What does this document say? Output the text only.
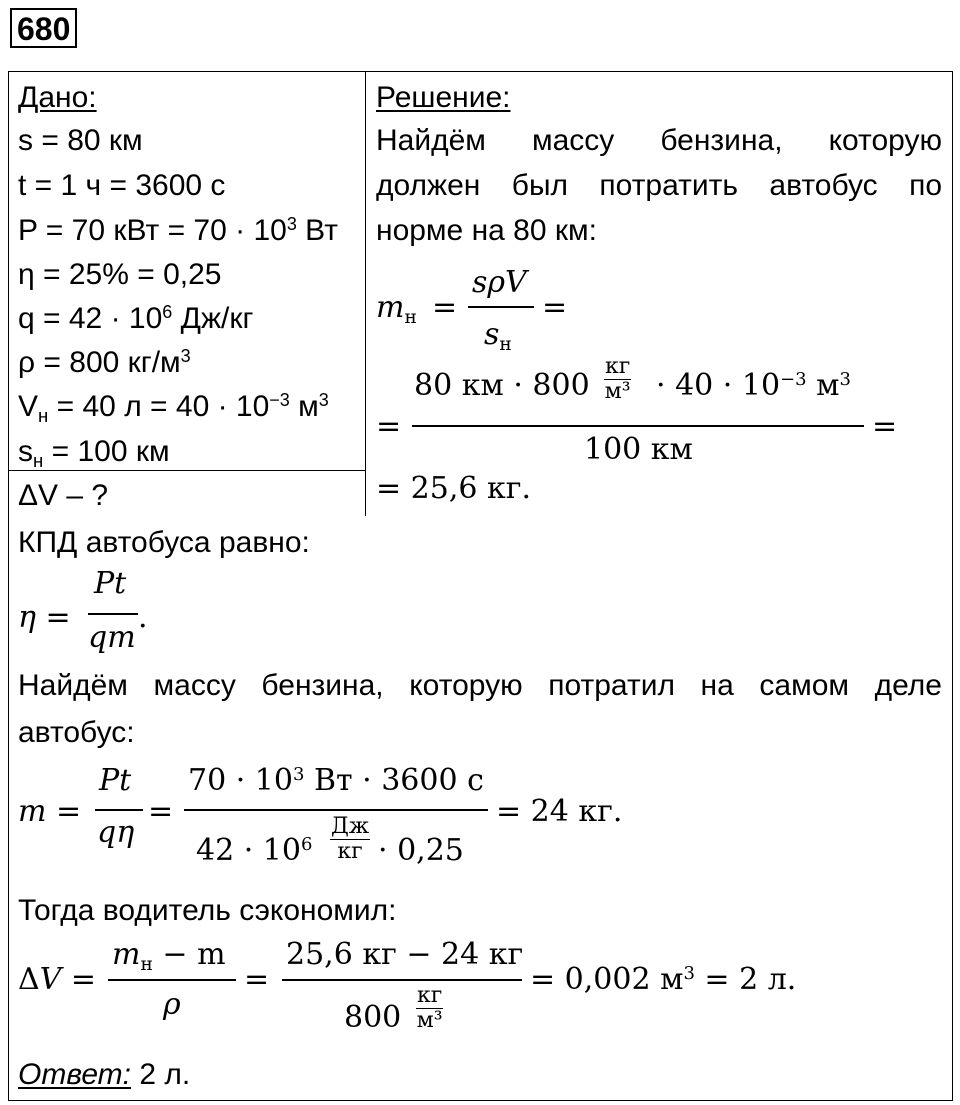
680
Дано:
s = 80 км
t = 1 ч = 3600 с
P = 70 кВт = $70 \cdot 10^3$ Вт
η = 25% = 0,25
$q = 42 \cdot 10^6$ Дж/кг
ρ = 800 $кг/м^3$
$V_н = 40$ $л = 40 \cdot 10^{-3}$ $м^3$
$s_н = 100$ км
ΔV – ?
Решение:
Найдём массу бензина, которую
должен был потратить автобус по
норме на 80 км:
$m_н$ =
sρV
$s_н$
=
=
80 км · 800
кг
$м^3 \cdot 40 \cdot 10^{-3}$ $м^3$
100 км
=
= 25,6 кг.
КПД автобуса равно:
η =
Pt
qm
.
Найдём массу бензина, которую потратил на самом деле
автобус:
m =
Pt
qη
=
$70 \cdot 10^3$ Вт · 3600 с
$42 \cdot 10^6$
Дж
кг · 0,25
= 24 кг.
Тогда водитель сэкономил:
ΔV =
$m_н - m$
ρ
=
25,6 кг − 24 кг
800
кг
м³
= 0,002 $м^3 = 2$ л.
Ответ: 2 л.
